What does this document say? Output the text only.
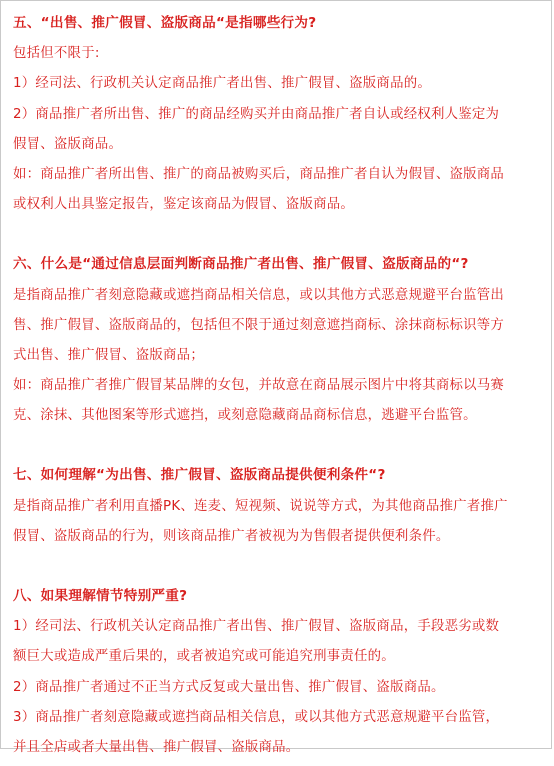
五、“出售、推广假冒、盗版商品“是指哪些行为?
包括但不限于:
1）经司法、行政机关认定商品推广者出售、推广假冒、盗版商品的。
2）商品推广者所出售、推广的商品经购买并由商品推广者自认或经权利人鉴定为
假冒、盗版商品。
如：商品推广者所出售、推广的商品被购买后，商品推广者自认为假冒、盗版商品
或权利人出具鉴定报告，鉴定该商品为假冒、盗版商品。
六、什么是“通过信息层面判断商品推广者出售、推广假冒、盗版商品的“?
是指商品推广者刻意隐藏或遮挡商品相关信息，或以其他方式恶意规避平台监管出
售、推广假冒、盗版商品的，包括但不限于通过刻意遮挡商标、涂抹商标标识等方
式出售、推广假冒、盗版商品；
如：商品推广者推广假冒某品牌的女包，并故意在商品展示图片中将其商标以马赛
克、涂抹、其他图案等形式遮挡，或刻意隐藏商品商标信息，逃避平台监管。
七、如何理解“为出售、推广假冒、盗版商品提供便利条件“?
是指商品推广者利用直播PK、连麦、短视频、说说等方式，为其他商品推广者推广
假冒、盗版商品的行为，则该商品推广者被视为为售假者提供便利条件。
八、如果理解情节特别严重?
1）经司法、行政机关认定商品推广者出售、推广假冒、盗版商品，手段恶劣或数
额巨大或造成严重后果的，或者被追究或可能追究刑事责任的。
2）商品推广者通过不正当方式反复或大量出售、推广假冒、盗版商品。
3）商品推广者刻意隐藏或遮挡商品相关信息，或以其他方式恶意规避平台监管，
并且全店或者大量出售、推广假冒、盗版商品。
